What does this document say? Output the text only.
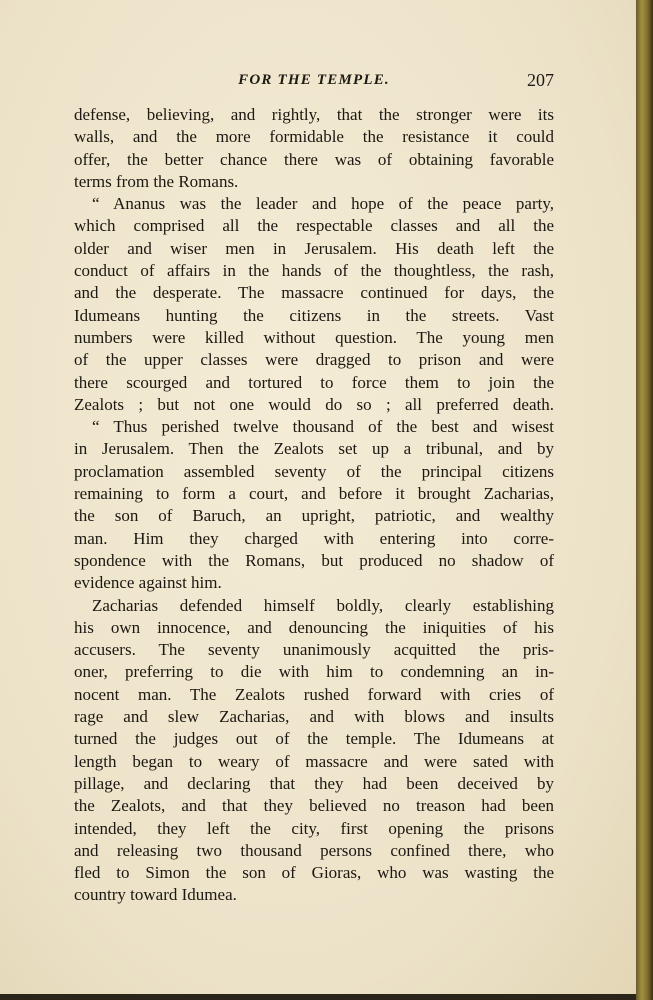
FOR THE TEMPLE.	207
defense, believing, and rightly, that the stronger were its
walls, and the more formidable the resistance it could
offer, the better chance there was of obtaining favorable
terms from the Romans.
“ Ananus was the leader and hope of the peace party,
which comprised all the respectable classes and all the
older and wiser men in Jerusalem. His death left the
conduct of affairs in the hands of the thoughtless, the rash,
and the desperate. The massacre continued for days, the
Idumeans hunting the citizens in the streets. Vast
numbers were killed without question. The young men
of the upper classes were dragged to prison and were
there scourged and tortured to force them to join the
Zealots ; but not one would do so ; all preferred death.
“ Thus perished twelve thousand of the best and wisest
in Jerusalem. Then the Zealots set up a tribunal, and by
proclamation assembled seventy of the principal citizens
remaining to form a court, and before it brought Zacharias,
the son of Baruch, an upright, patriotic, and wealthy
man. Him they charged with entering into corre-
spondence with the Romans, but produced no shadow of
evidence against him.
Zacharias defended himself boldly, clearly establishing
his own innocence, and denouncing the iniquities of his
accusers. The seventy unanimously acquitted the pris-
oner, preferring to die with him to condemning an in-
nocent man. The Zealots rushed forward with cries of
rage and slew Zacharias, and with blows and insults
turned the judges out of the temple. The Idumeans at
length began to weary of massacre and were sated with
pillage, and declaring that they had been deceived by
the Zealots, and that they believed no treason had been
intended, they left the city, first opening the prisons
and releasing two thousand persons confined there, who
fled to Simon the son of Gioras, who was wasting the
country toward Idumea.
